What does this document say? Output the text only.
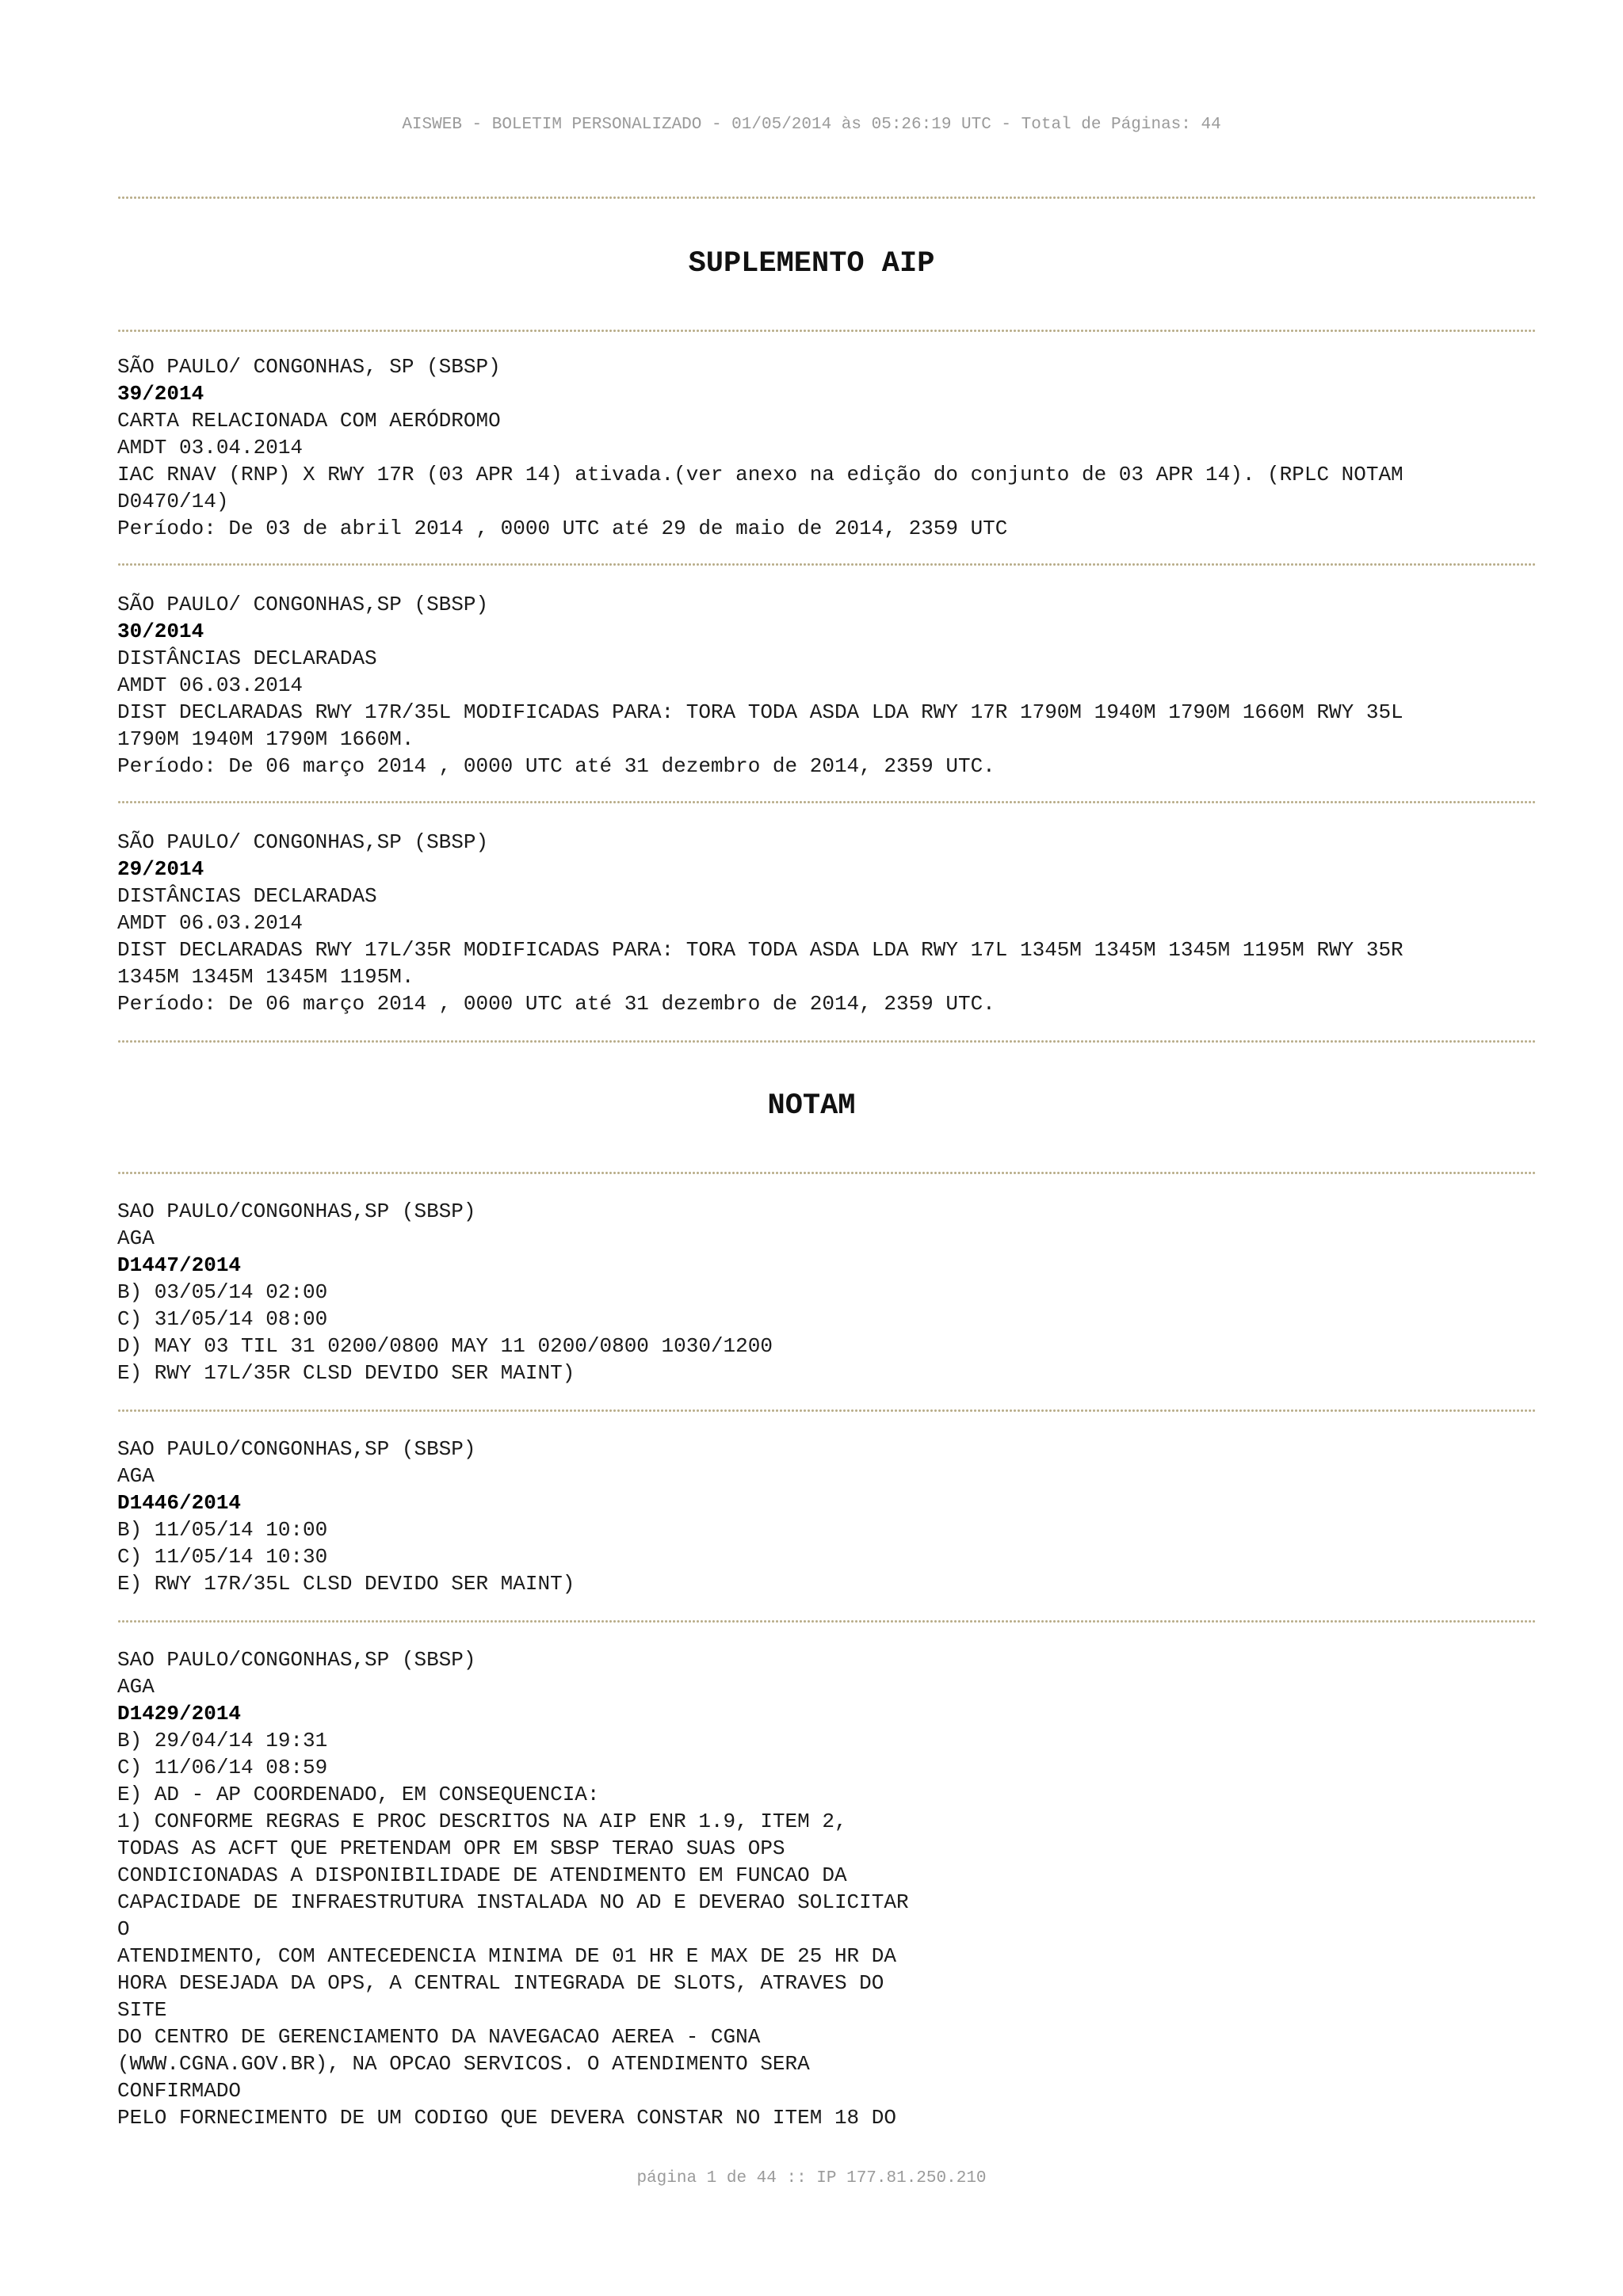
AISWEB - BOLETIM PERSONALIZADO - 01/05/2014 às 05:26:19 UTC - Total de Páginas: 44
SUPLEMENTO AIP
SÃO PAULO/ CONGONHAS, SP (SBSP)
39/2014
CARTA RELACIONADA COM AERÓDROMO
AMDT 03.04.2014
IAC RNAV (RNP) X RWY 17R (03 APR 14) ativada.(ver anexo na edição do conjunto de 03 APR 14). (RPLC NOTAM
D0470/14)
Período: De 03 de abril 2014 , 0000 UTC até 29 de maio de 2014, 2359 UTC
SÃO PAULO/ CONGONHAS,SP (SBSP)
30/2014
DISTÂNCIAS DECLARADAS
AMDT 06.03.2014
DIST DECLARADAS RWY 17R/35L MODIFICADAS PARA: TORA TODA ASDA LDA RWY 17R 1790M 1940M 1790M 1660M RWY 35L
1790M 1940M 1790M 1660M.
Período: De 06 março 2014 , 0000 UTC até 31 dezembro de 2014, 2359 UTC.
SÃO PAULO/ CONGONHAS,SP (SBSP)
29/2014
DISTÂNCIAS DECLARADAS
AMDT 06.03.2014
DIST DECLARADAS RWY 17L/35R MODIFICADAS PARA: TORA TODA ASDA LDA RWY 17L 1345M 1345M 1345M 1195M RWY 35R
1345M 1345M 1345M 1195M.
Período: De 06 março 2014 , 0000 UTC até 31 dezembro de 2014, 2359 UTC.
NOTAM
SAO PAULO/CONGONHAS,SP (SBSP)
AGA
D1447/2014
B) 03/05/14 02:00
C) 31/05/14 08:00
D) MAY 03 TIL 31 0200/0800 MAY 11 0200/0800 1030/1200
E) RWY 17L/35R CLSD DEVIDO SER MAINT)
SAO PAULO/CONGONHAS,SP (SBSP)
AGA
D1446/2014
B) 11/05/14 10:00
C) 11/05/14 10:30
E) RWY 17R/35L CLSD DEVIDO SER MAINT)
SAO PAULO/CONGONHAS,SP (SBSP)
AGA
D1429/2014
B) 29/04/14 19:31
C) 11/06/14 08:59
E) AD - AP COORDENADO, EM CONSEQUENCIA:
1) CONFORME REGRAS E PROC DESCRITOS NA AIP ENR 1.9, ITEM 2,
TODAS AS ACFT QUE PRETENDAM OPR EM SBSP TERAO SUAS OPS
CONDICIONADAS A DISPONIBILIDADE DE ATENDIMENTO EM FUNCAO DA
CAPACIDADE DE INFRAESTRUTURA INSTALADA NO AD E DEVERAO SOLICITAR
O
ATENDIMENTO, COM ANTECEDENCIA MINIMA DE 01 HR E MAX DE 25 HR DA
HORA DESEJADA DA OPS, A CENTRAL INTEGRADA DE SLOTS, ATRAVES DO
SITE
DO CENTRO DE GERENCIAMENTO DA NAVEGACAO AEREA - CGNA
(WWW.CGNA.GOV.BR), NA OPCAO SERVICOS. O ATENDIMENTO SERA
CONFIRMADO
PELO FORNECIMENTO DE UM CODIGO QUE DEVERA CONSTAR NO ITEM 18 DO
página 1 de 44 :: IP 177.81.250.210
